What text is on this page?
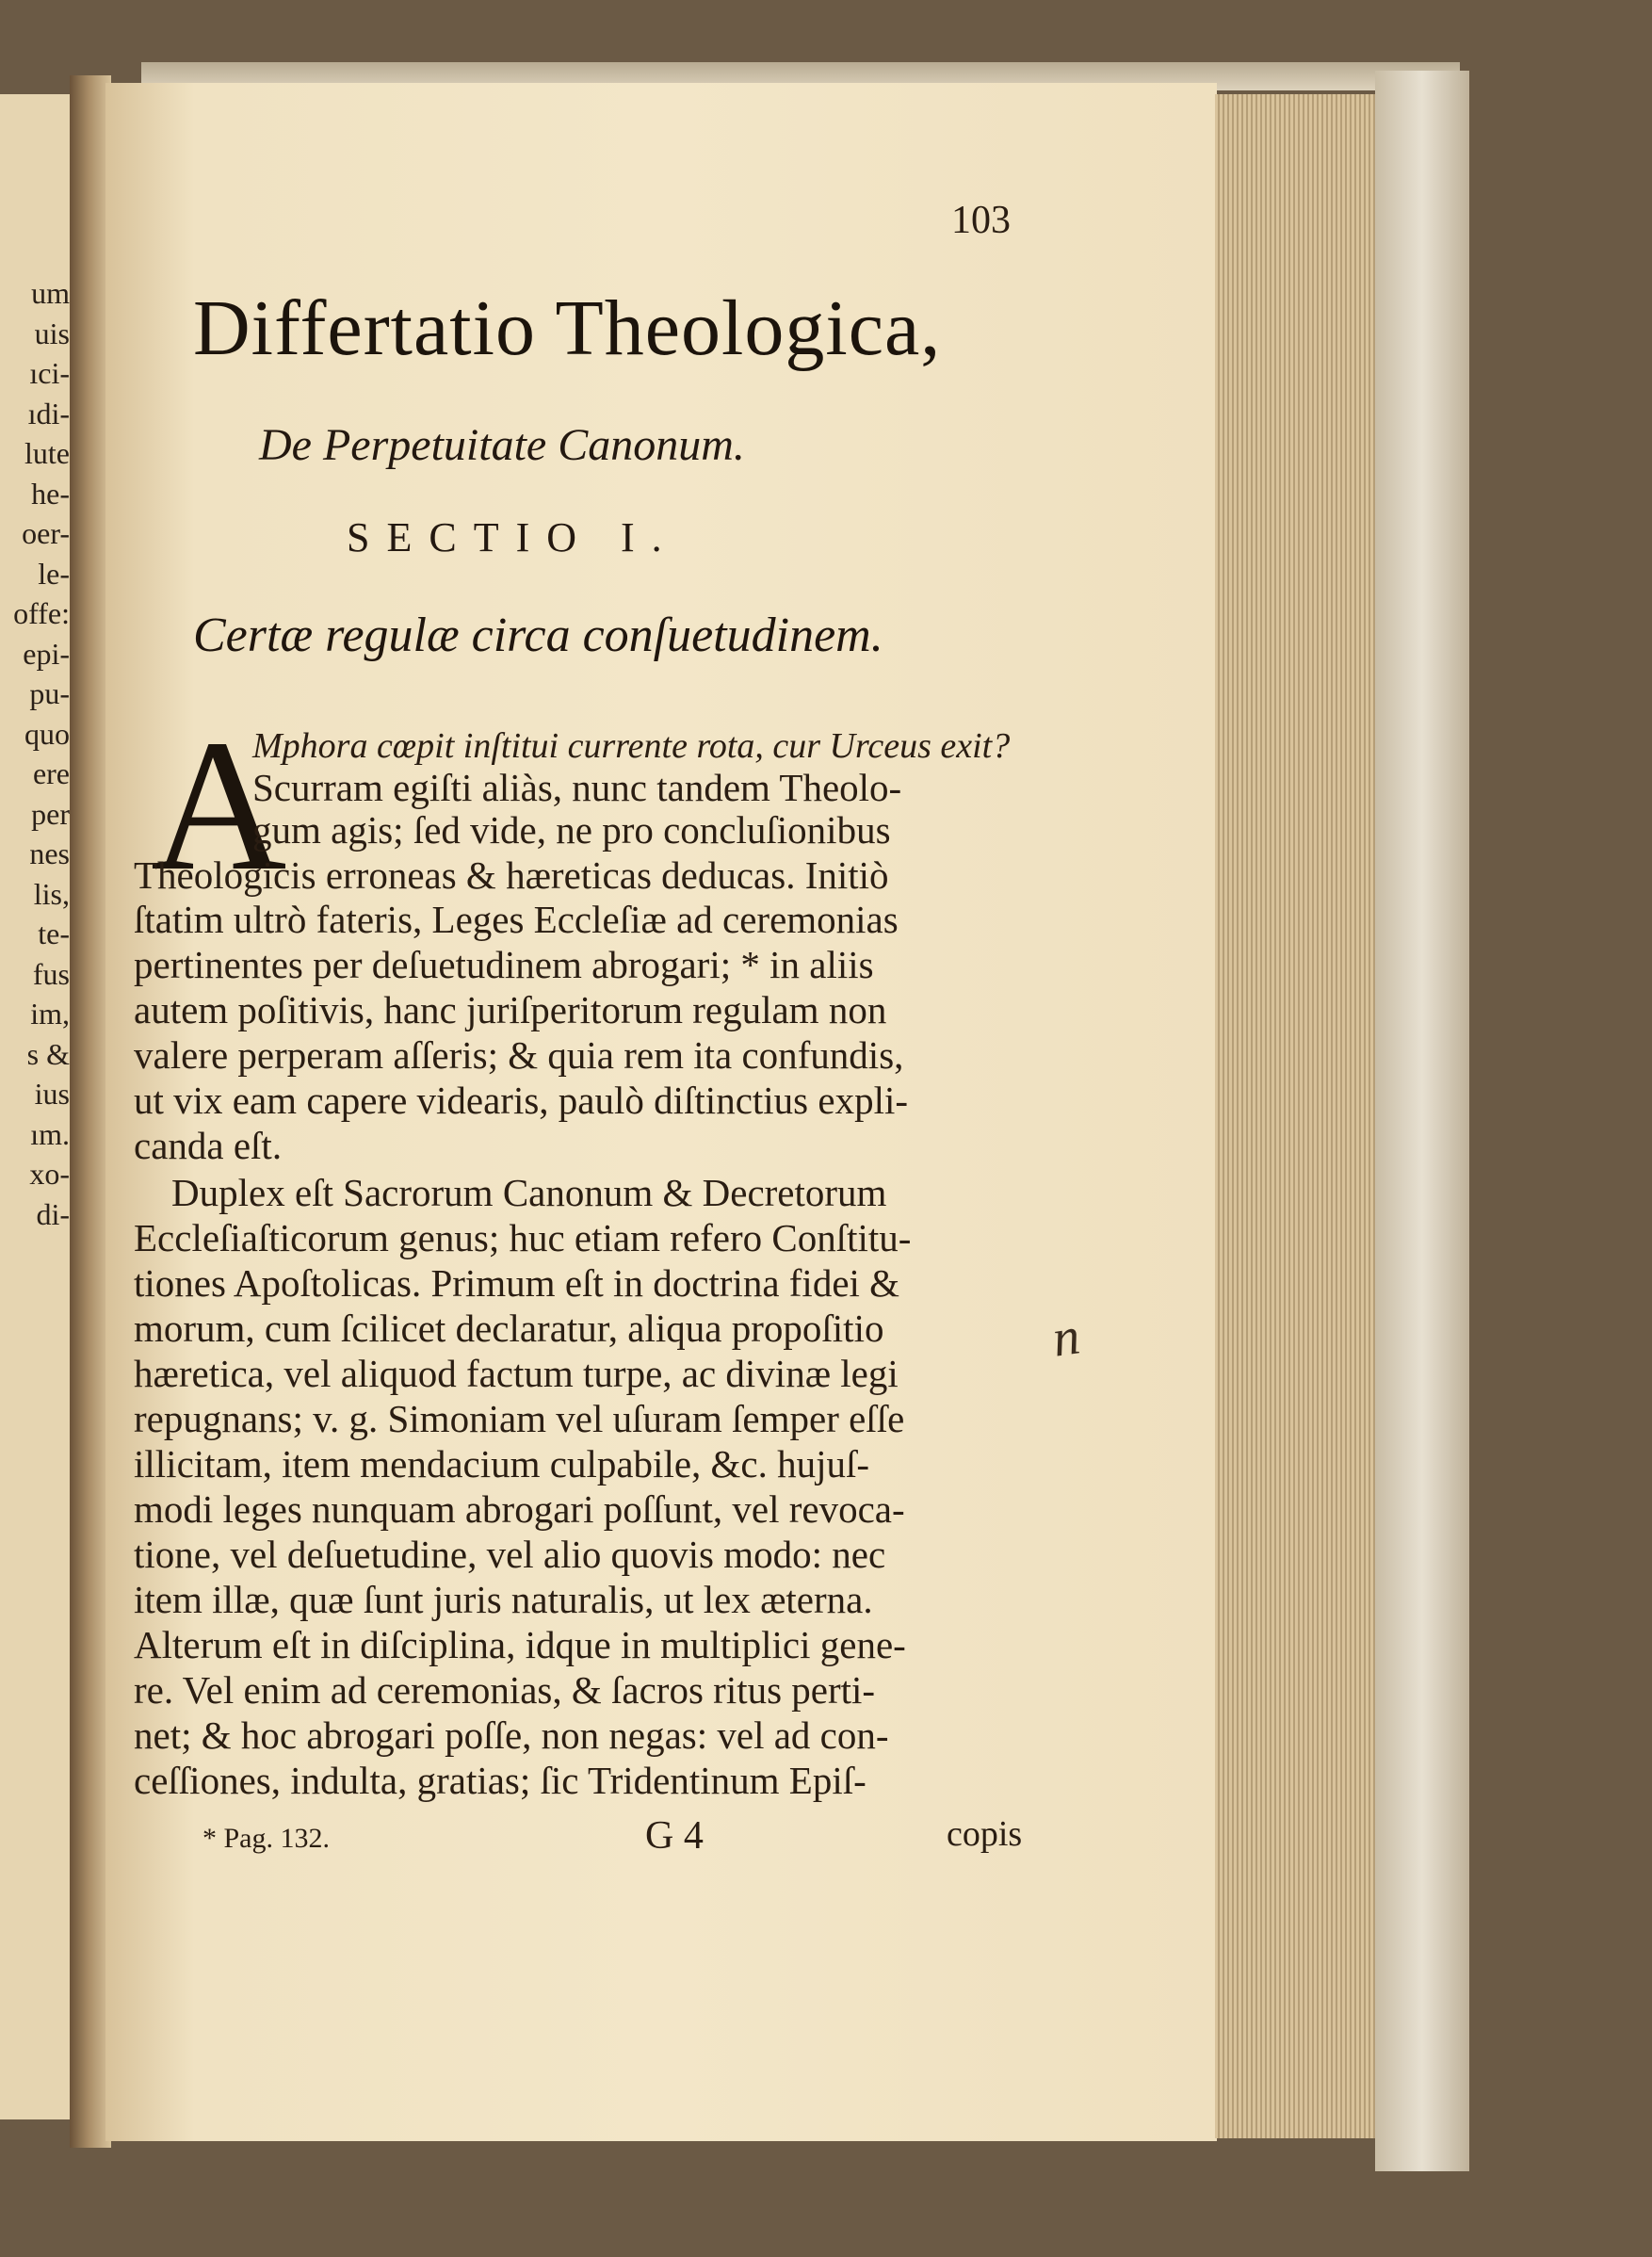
um
uis
ıci-
ıdi-
lute
he-
oer-
le-
offe:
epi-
pu-
quo
ere
per
nes
lis,
te-
fus
im,
s &
ius
ım.
xo-
di-
103
Differtatio Theologica,
De Perpetuitate Canonum.
SECTIO I.
Certæ regulæ circa conſuetudinem.
A
Mphora cœpit inſtitui currente rota, cur Urceus exit?
Scurram egiſti aliàs, nunc tandem Theolo-
gum agis; ſed vide, ne pro concluſionibus
Theologicis erroneas & hæreticas deducas. Initiò
ſtatim ultrò fateris, Leges Eccleſiæ ad ceremonias
pertinentes per deſuetudinem abrogari; * in aliis
autem poſitivis, hanc juriſperitorum regulam non
valere perperam aſſeris; & quia rem ita confundis,
ut vix eam capere videaris, paulò diſtinctius expli-
canda eſt.
Duplex eſt Sacrorum Canonum & Decretorum
Eccleſiaſticorum genus; huc etiam refero Conſtitu-
tiones Apoſtolicas. Primum eſt in doctrina fidei &
morum, cum ſcilicet declaratur, aliqua propoſitio
hæretica, vel aliquod factum turpe, ac divinæ legi
repugnans; v. g. Simoniam vel uſuram ſemper eſſe
illicitam, item mendacium culpabile, &c. hujuſ-
modi leges nunquam abrogari poſſunt, vel revoca-
tione, vel deſuetudine, vel alio quovis modo: nec
item illæ, quæ ſunt juris naturalis, ut lex æterna.
Alterum eſt in diſciplina, idque in multiplici gene-
re. Vel enim ad ceremonias, & ſacros ritus perti-
net; & hoc abrogari poſſe, non negas: vel ad con-
ceſſiones, indulta, gratias; ſic Tridentinum Epiſ-
* Pag. 132.	G 4	copis
n
